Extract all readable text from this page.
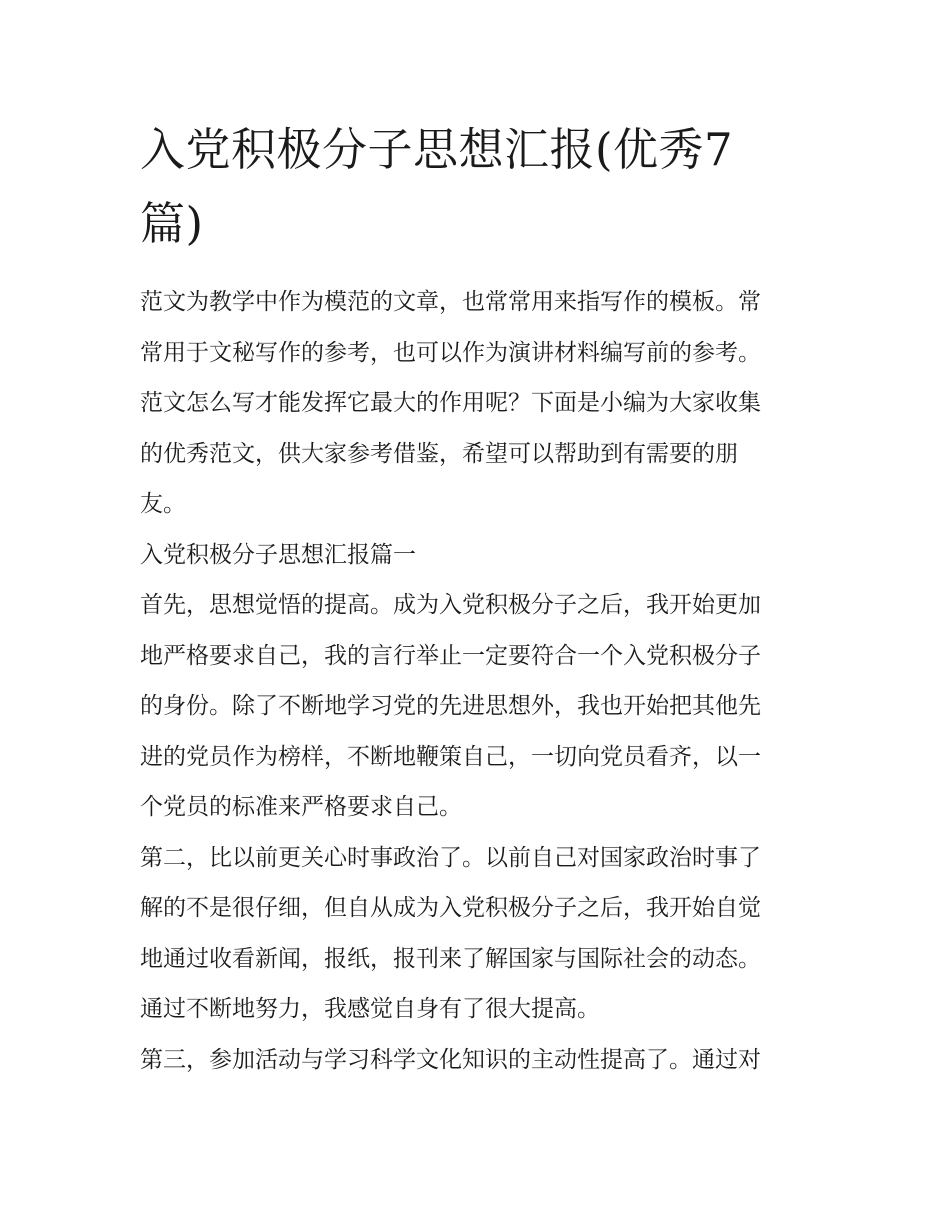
入党积极分子思想汇报(优秀7
篇)

范文为教学中作为模范的文章，也常常用来指写作的模板。常
常用于文秘写作的参考，也可以作为演讲材料编写前的参考。
范文怎么写才能发挥它最大的作用呢？下面是小编为大家收集
的优秀范文，供大家参考借鉴，希望可以帮助到有需要的朋
友。

入党积极分子思想汇报篇一

首先，思想觉悟的提高。成为入党积极分子之后，我开始更加
地严格要求自己，我的言行举止一定要符合一个入党积极分子
的身份。除了不断地学习党的先进思想外，我也开始把其他先
进的党员作为榜样，不断地鞭策自己，一切向党员看齐，以一
个党员的标准来严格要求自己。

第二，比以前更关心时事政治了。以前自己对国家政治时事了
解的不是很仔细，但自从成为入党积极分子之后，我开始自觉
地通过收看新闻，报纸，报刊来了解国家与国际社会的动态。
通过不断地努力，我感觉自身有了很大提高。

第三，参加活动与学习科学文化知识的主动性提高了。通过对
